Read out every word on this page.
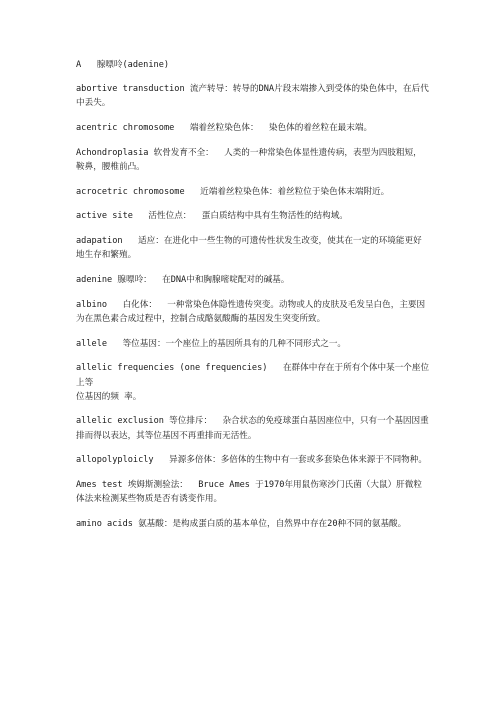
A   腺嘌呤(adenine)
abortive transduction 流产转导：转导的DNA片段末端掺入到受体的染色体中，在后代
中丢失。
acentric chromosome   端着丝粒染色体：  染色体的着丝粒在最末端。
Achondroplasia 软骨发育不全：  人类的一种常染色体显性遗传病，表型为四肢粗短，
鞍鼻，腰椎前凸。
acrocetric chromosome   近端着丝粒染色体：着丝粒位于染色体末端附近。
active site   活性位点：  蛋白质结构中具有生物活性的结构域。
adapation   适应：在进化中一些生物的可遗传性状发生改变，使其在一定的环境能更好
地生存和繁殖。
adenine 腺嘌呤：  在DNA中和胸腺嘧啶配对的碱基。
albino   白化体：  一种常染色体隐性遗传突变。动物或人的皮肤及毛发呈白色，主要因
为在黑色素合成过程中，控制合成酪氨酸酶的基因发生突变所致。
allele   等位基因：一个座位上的基因所具有的几种不同形式之一。
allelic frequencies (one frequencies)   在群体中存在于所有个体中某一个座位上等
位基因的频 率。
allelic exclusion 等位排斥：  杂合状态的免疫球蛋白基因座位中，只有一个基因因重
排而得以表达，其等位基因不再重排而无活性。
allopolyploicly   异源多倍体：多倍体的生物中有一套或多套染色体来源于不同物种。
Ames test 埃姆斯测验法：  Bruce Ames 于1970年用鼠伤寒沙门氏菌（大鼠）肝微粒
体法来检测某些物质是否有诱变作用。
amino acids 氨基酸：是构成蛋白质的基本单位，自然界中存在20种不同的氨基酸。
